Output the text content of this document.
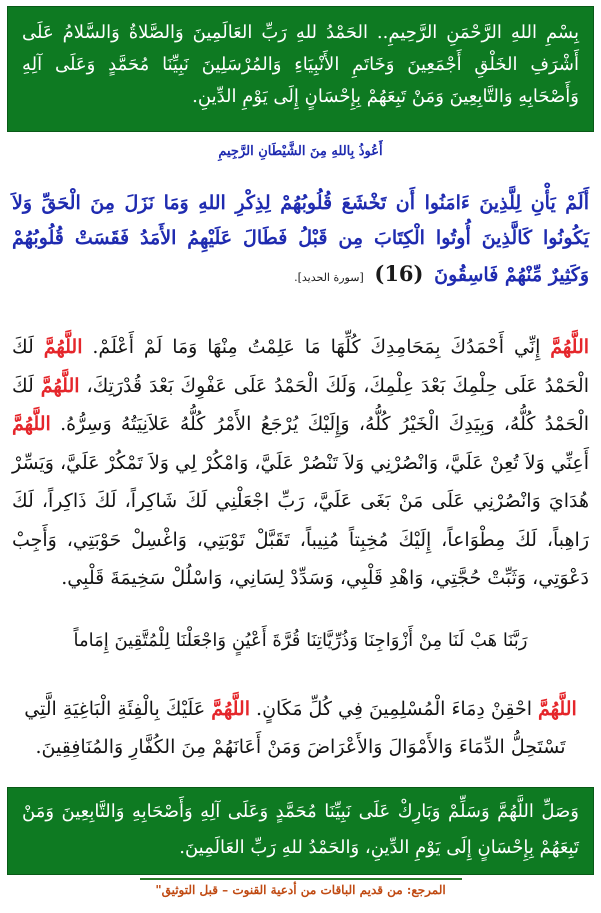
بِسْمِ اللهِ الرَّحْمَنِ الرَّحِيمِ.. الحَمْدُ للهِ رَبِّ العَالَمِينَ وَالصَّلاةُ وَالسَّلامُ عَلَى أَشْرَفِ الخَلْقِ أَجْمَعِينَ وَخَاتَمِ الأَنْبِيَاءِ وَالمُرْسَلِينَ نَبِيِّنَا مُحَمَّدٍ وَعَلَى آلِهِ وَأَصْحَابِهِ وَالتَّابِعِينَ وَمَنْ تَبِعَهُمْ بِإِحْسَانٍ إِلَى يَوْمِ الدِّينِ.

أَعُوذُ بِاللهِ مِنَ الشَّيْطَانِ الرَّجِيمِ
أَلَمْ يَأْنِ لِلَّذِينَ ءَامَنُوا أَن تَخْشَعَ قُلُوبُهُمْ لِذِكْرِ اللهِ وَمَا نَزَلَ مِنَ الْحَقِّ وَلاَ يَكُونُوا كَالَّذِينَ أُوتُوا الْكِتَابَ مِن قَبْلُ فَطَالَ عَلَيْهِمُ الأَمَدُ فَقَسَتْ قُلُوبُهُمْ وَكَثِيرٌ مِّنْهُمْ فَاسِقُونَ (16) [سورة الحديد].
اللَّهُمَّ إِنِّي أَحْمَدُكَ بِمَحَامِدِكَ كُلِّهَا مَا عَلِمْتُ مِنْهَا وَمَا لَمْ أَعْلَمْ. اللَّهُمَّ لَكَ الْحَمْدُ عَلَى حِلْمِكَ بَعْدَ عِلْمِكَ، وَلَكَ الْحَمْدُ عَلَى عَفْوِكَ بَعْدَ قُدْرَتِكَ، اللَّهُمَّ لَكَ الْحَمْدُ كُلُّهُ، وَبِيَدِكَ الْخَيْرُ كُلُّهُ، وَإِلَيْكَ يُرْجَعُ الأَمْرُ كُلُّهُ عَلاَنِيَتُهُ وَسِرُّهُ. اللَّهُمَّ أَعِنِّي وَلاَ تُعِنْ عَلَيَّ، وَانْصُرْنِي وَلاَ تَنْصُرْ عَلَيَّ، وَامْكُرْ لِي وَلاَ تَمْكُرْ عَلَيَّ، وَيَسِّرْ هُدَايَ وَانْصُرْنِي عَلَى مَنْ بَغَى عَلَيَّ، رَبِّ اجْعَلْنِي لَكَ شَاكِراً، لَكَ ذَاكِراً، لَكَ رَاهِباً، لَكَ مِطْوَاعاً، إِلَيْكَ مُخِبِتاً مُنِيباً، تَقَبَّلْ تَوْبَتِي، وَاغْسِلْ حَوْبَتِي، وَأَجِبْ دَعْوَتِي، وَثَبِّتْ حُجَّتِي، وَاهْدِ قَلْبِي، وَسَدِّدْ لِسَانِي، وَاسْلُلْ سَخِيمَةَ قَلْبِي.
رَبَّنَا هَبْ لَنَا مِنْ أَزْوَاجِنَا وَذُرِّيَّاتِنَا قُرَّةَ أَعْيُنٍ وَاجْعَلْنَا لِلْمُتَّقِينَ إِمَاماً
اللَّهُمَّ احْقِنْ دِمَاءَ الْمُسْلِمِينَ فِي كُلِّ مَكَانٍ. اللَّهُمَّ عَلَيْكَ بِالْفِئَةِ الْبَاغِيَةِ الَّتِي تَسْتَحِلُّ الدِّمَاءَ وَالأَمْوَالَ وَالأَعْرَاضَ وَمَنْ أَعَانَهُمْ مِنَ الكُفَّارِ وَالمُنَافِقِينَ.

وَصَلِّ اللَّهُمَّ وَسَلِّمْ وَبَارِكْ عَلَى نَبِيِّنَا مُحَمَّدٍ وَعَلَى آلِهِ وَأَصْحَابِهِ وَالتَّابِعِينَ وَمَنْ تَبِعَهُمْ بِإِحْسَانٍ إِلَى يَوْمِ الدِّينِ، وَالحَمْدُ للهِ رَبِّ العَالَمِينَ.

المرجع: من قديم الباقات من أدعية القنوت – قبل التوثيق"
